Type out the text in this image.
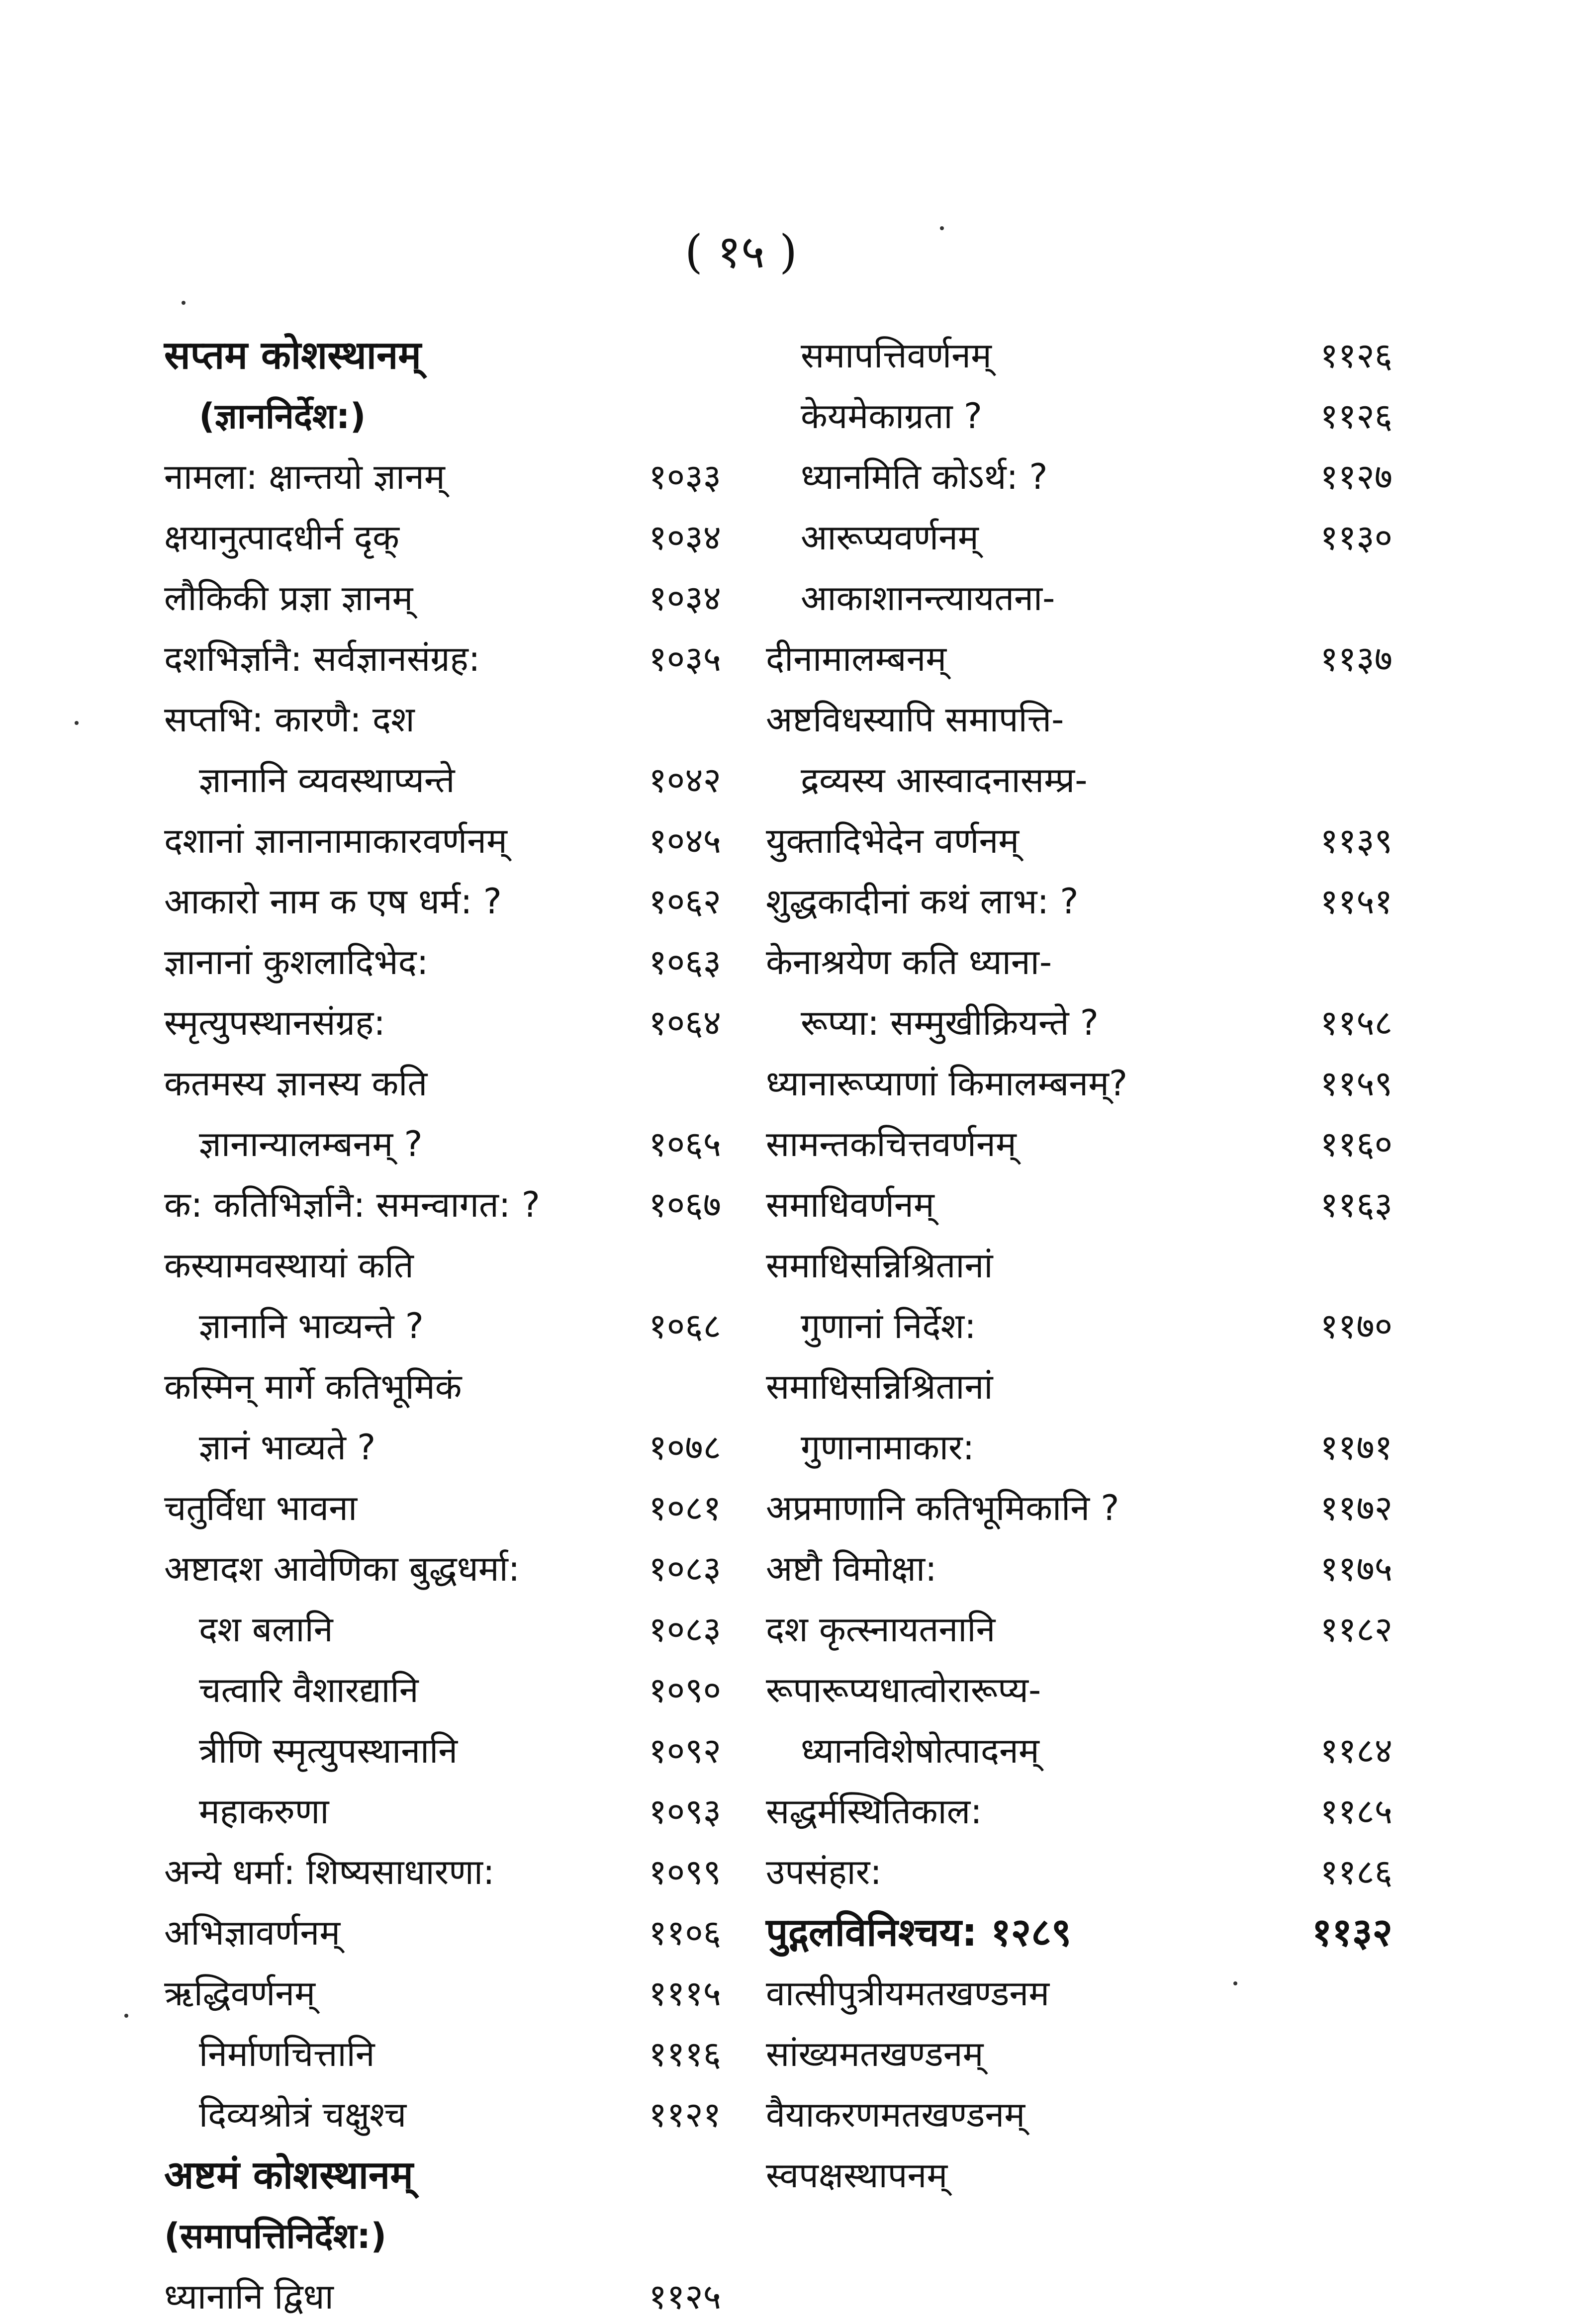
( १५ )
सप्तम कोशस्थानम्
(ज्ञाननिर्देश:)
नामला: क्षान्तयो ज्ञानम्	१०३३
क्षयानुत्पादधीर्न दृक्	१०३४
लौकिकी प्रज्ञा ज्ञानम्	१०३४
दशभिर्ज्ञानै: सर्वज्ञानसंग्रह:	१०३५
सप्तभि: कारणै: दश
ज्ञानानि व्यवस्थाप्यन्ते	१०४२
दशानां ज्ञानानामाकारवर्णनम्	१०४५
आकारो नाम क एष धर्म: ?	१०६२
ज्ञानानां कुशलादिभेद:	१०६३
स्मृत्युपस्थानसंग्रह:	१०६४
कतमस्य ज्ञानस्य कति
ज्ञानान्यालम्बनम् ?	१०६५
क: कतिभिर्ज्ञानै: समन्वागत: ?	१०६७
कस्यामवस्थायां कति
ज्ञानानि भाव्यन्ते ?	१०६८
कस्मिन् मार्गे कतिभूमिकं
ज्ञानं भाव्यते ?	१०७८
चतुर्विधा भावना	१०८१
अष्टादश आवेणिका बुद्धधर्मा:	१०८३
दश बलानि	१०८३
चत्वारि वैशारद्यानि	१०९०
त्रीणि स्मृत्युपस्थानानि	१०९२
महाकरुणा	१०९३
अन्ये धर्मा: शिष्यसाधारणा:	१०९९
अभिज्ञावर्णनम्	११०६
ऋद्धिवर्णनम्	१११५
निर्माणचित्तानि	१११६
दिव्यश्रोत्रं चक्षुश्च	११२१
अष्टमं कोशस्थानम्
(समापत्तिनिर्देश:)
ध्यानानि द्विधा	११२५
समापत्तिवर्णनम्	११२६
केयमेकाग्रता ?	११२६
ध्यानमिति कोऽर्थ: ?	११२७
आरूप्यवर्णनम्	११३०
आकाशानन्त्यायतना-
दीनामालम्बनम्	११३७
अष्टविधस्यापि समापत्ति-
द्रव्यस्य आस्वादनासम्प्र-
युक्तादिभेदेन वर्णनम्	११३९
शुद्धकादीनां कथं लाभ: ?	११५१
केनाश्रयेण कति ध्याना-
रूप्या: सम्मुखीक्रियन्ते ?	११५८
ध्यानारूप्याणां किमालम्बनम्?	११५९
सामन्तकचित्तवर्णनम्	११६०
समाधिवर्णनम्	११६३
समाधिसन्निश्रितानां
गुणानां निर्देश:	११७०
समाधिसन्निश्रितानां
गुणानामाकार:	११७१
अप्रमाणानि कतिभूमिकानि ?	११७२
अष्टौ विमोक्षा:	११७५
दश कृत्स्नायतनानि	११८२
रूपारूप्यधात्वोरारूप्य-
ध्यानविशेषोत्पादनम्	११८४
सद्धर्मस्थितिकाल:	११८५
उपसंहार:	११८६
पुद्गलविनिश्चय: १२८९	११३२
वात्सीपुत्रीयमतखण्डनम
सांख्यमतखण्डनम्
वैयाकरणमतखण्डनम्
स्वपक्षस्थापनम्
